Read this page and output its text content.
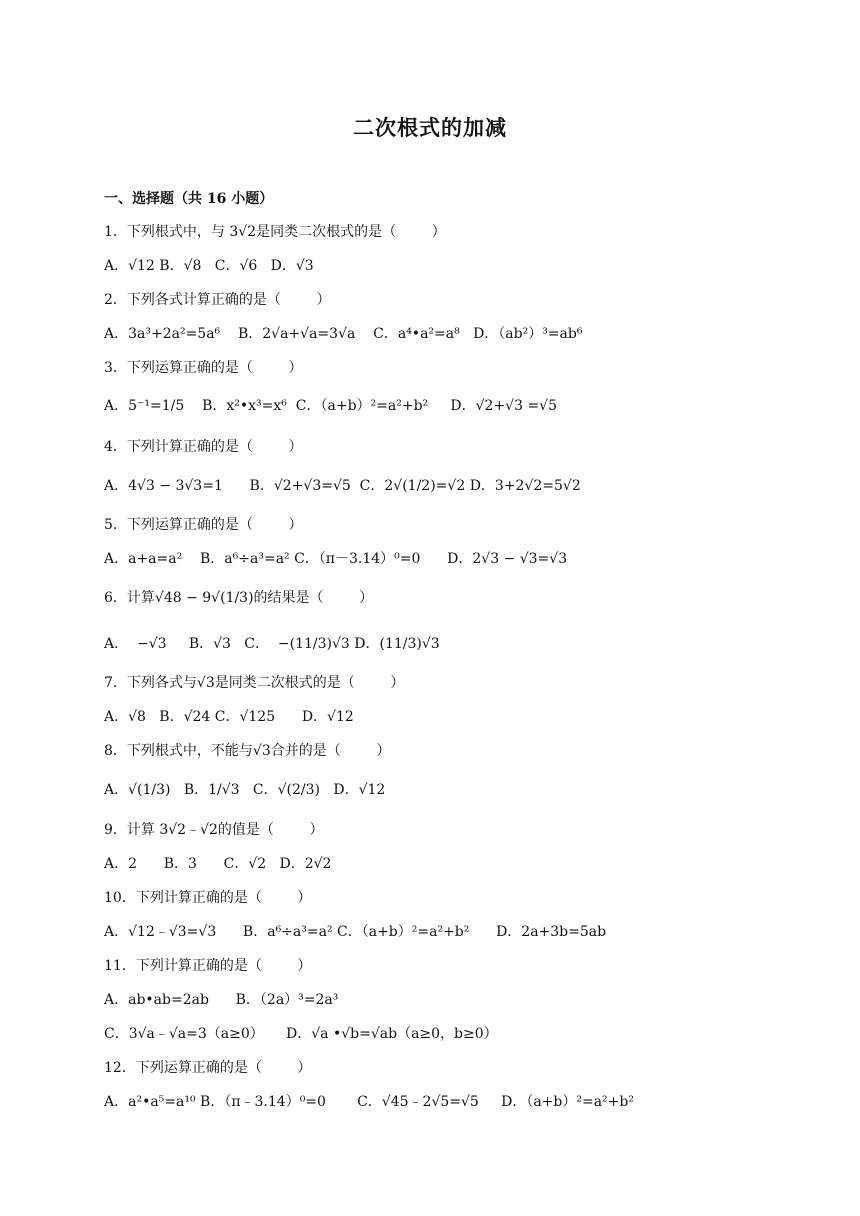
二次根式的加减
一、选择题（共 16 小题）
1．下列根式中，与 3√2是同类二次根式的是（        ）
A．√12 B．√8   C．√6   D．√3
2．下列各式计算正确的是（        ）
A．3a³+2a²=5a⁶    B．2√a+√a=3√a    C．a⁴•a²=a⁸   D．（ab²）³=ab⁶
3．下列运算正确的是（        ）
A．5⁻¹=1/5    B．x²•x³=x⁶  C．（a+b）²=a²+b²     D．√2+√3 =√5
4．下列计算正确的是（        ）
A．4√3 − 3√3=1      B．√2+√3=√5  C．2√(1/2)=√2 D．3+2√2=5√2
5．下列运算正确的是（        ）
A．a+a=a²    B．a⁶÷a³=a² C．（π－3.14）⁰=0      D．2√3 − √3=√3
6．计算√48 − 9√(1/3)的结果是（        ）
A．  −√3     B．√3   C．  −(11/3)√3 D．(11/3)√3
7．下列各式与√3是同类二次根式的是（        ）
A．√8   B．√24 C．√125      D．√12
8．下列根式中，不能与√3合并的是（        ）
A．√(1/3)   B．1/√3   C．√(2/3)   D．√12
9．计算 3√2﹣√2的值是（        ）
A．2      B．3      C．√2   D．2√2
10．下列计算正确的是（        ）
A．√12﹣√3=√3      B．a⁶÷a³=a² C．（a+b）²=a²+b²      D．2a+3b=5ab
11．下列计算正确的是（        ）
A．ab•ab=2ab      B．（2a）³=2a³
C．3√a﹣√a=3（a≥0）     D．√a •√b=√ab（a≥0，b≥0）
12．下列运算正确的是（        ）
A．a²•a⁵=a¹⁰ B．（π﹣3.14）⁰=0       C．√45﹣2√5=√5     D．（a+b）²=a²+b²
